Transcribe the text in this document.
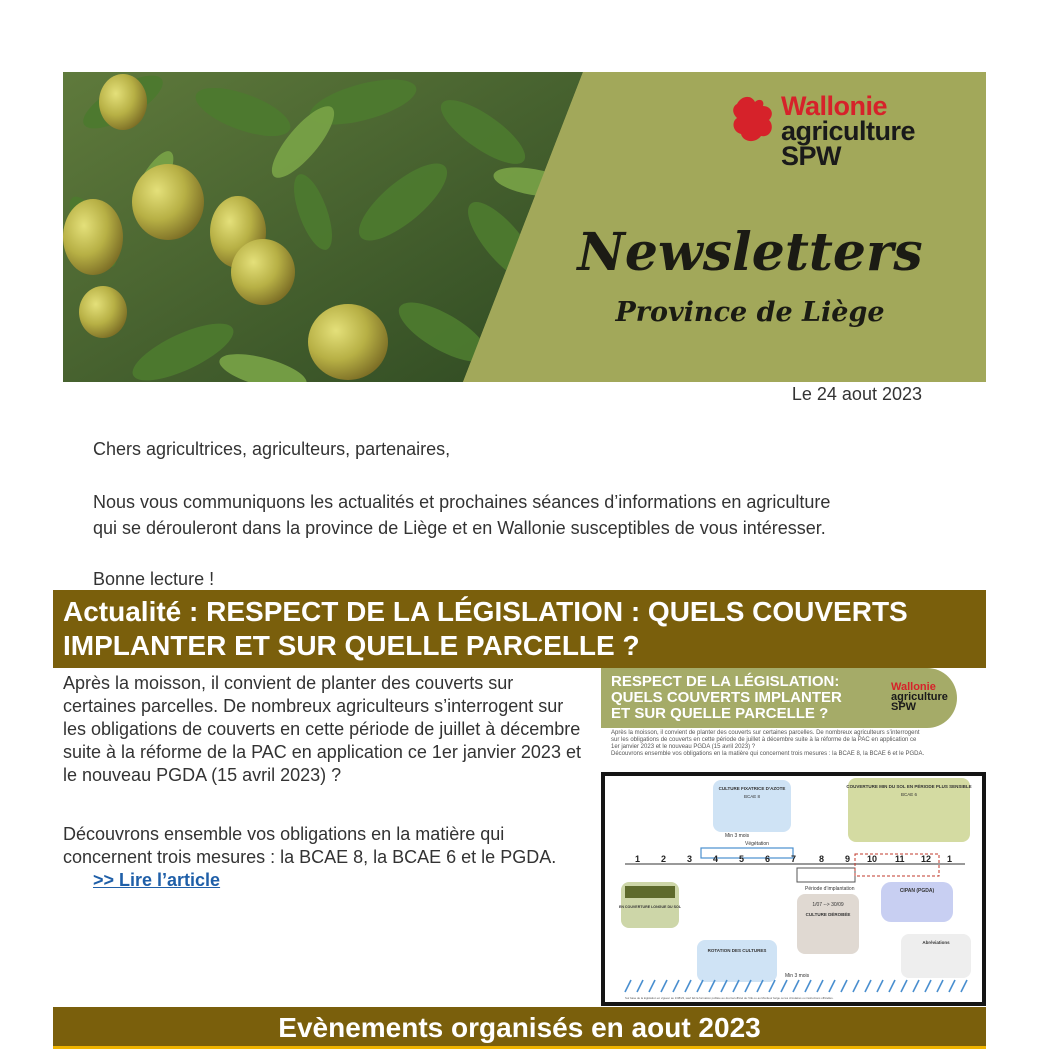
Wallonie
agriculture
SPW
Newsletters
Province de Liège
Le 24 aout 2023
Chers agricultrices, agriculteurs, partenaires,
Nous vous communiquons les actualités et prochaines séances d’informations en agriculture
qui se dérouleront dans la province de Liège et en Wallonie susceptibles de vous intéresser.
Bonne lecture !
Actualité : RESPECT DE LA LÉGISLATION : QUELS COUVERTS
IMPLANTER ET SUR QUELLE PARCELLE ?

Après la moisson, il convient de planter des couverts sur certaines parcelles. De nombreux agriculteurs s’interrogent sur les obligations de couverts en cette période de juillet à décembre suite à la réforme de la PAC en application ce 1er janvier 2023 et le nouveau PGDA (15 avril 2023) ?

Découvrons ensemble vos obligations en la matière qui concernent trois mesures : la BCAE 8, la BCAE 6 et le PGDA.

>> Lire l’article
RESPECT DE LA LÉGISLATION:
QUELS COUVERTS IMPLANTER
ET SUR QUELLE PARCELLE ?
Wallonie
agriculture
SPW
Après la moisson, il convient de planter des couverts sur certaines parcelles. De nombreux agriculteurs s’interrogent
sur les obligations de couverts en cette période de juillet à décembre suite à la réforme de la PAC en application ce
1er janvier 2023 et le nouveau PGDA (15 avril 2023) ?
Découvrons ensemble vos obligations en la matière qui concernent trois mesures : la BCAE 8, la BCAE 6 et le PGDA.
CULTURE FIXATRICE D’AZOTE
BCAE 8
COUVERTURE MIN DU SOL EN PÉRIODE PLUS SENSIBLE
BCAE 6
Min 3 mois
Végétation
1 2 3 4 5 6 7	8 9 10 11 12 1
EN COUVERTURE LONGUE DU SOL
Période d’implantation
1/07 --> 30/09
CULTURE DÉROBÉE
CIPAN (PGDA)
ROTATION DES CULTURES
Abréviations
Min 3 mois
Sur base de la législation en vigueur au 1/08/23, sauf fait la formation publiée au Journal officiel de l’UE ou au Moniteur belge ou les circulaires ou instructions officielles.
Evènements organisés en aout 2023
